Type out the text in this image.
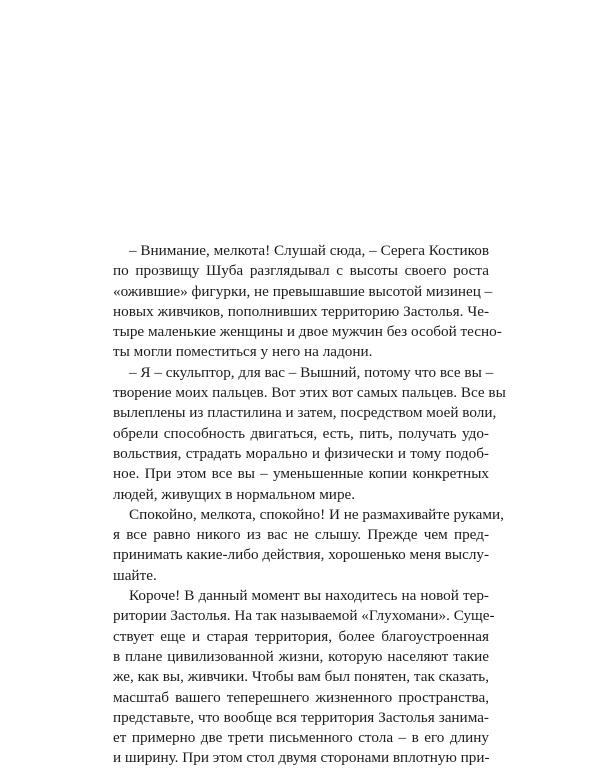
– Внимание, мелкота! Слушай сюда, – Серега Костиков
по прозвищу Шуба разглядывал с высоты своего роста
«ожившие» фигурки, не превышавшие высотой мизинец –
новых живчиков, пополнивших территорию Застолья. Че-
тыре маленькие женщины и двое мужчин без особой тесно-
ты могли поместиться у него на ладони.
– Я – скульптор, для вас – Вышний, потому что все вы –
творение моих пальцев. Вот этих вот самых пальцев. Все вы
вылеплены из пластилина и затем, посредством моей воли,
обрели способность двигаться, есть, пить, получать удо-
вольствия, страдать морально и физически и тому подоб-
ное. При этом все вы – уменьшенные копии конкретных
людей, живущих в нормальном мире.
Спокойно, мелкота, спокойно! И не размахивайте руками,
я все равно никого из вас не слышу. Прежде чем пред-
принимать какие-либо действия, хорошенько меня выслу-
шайте.
Короче! В данный момент вы находитесь на новой тер-
ритории Застолья. На так называемой «Глухомани». Суще-
ствует еще и старая территория, более благоустроенная
в плане цивилизованной жизни, которую населяют такие
же, как вы, живчики. Чтобы вам был понятен, так сказать,
масштаб вашего теперешнего жизненного пространства,
представьте, что вообще вся территория Застолья занима-
ет примерно две трети письменного стола – в его длину
и ширину. При этом стол двумя сторонами вплотную при-
